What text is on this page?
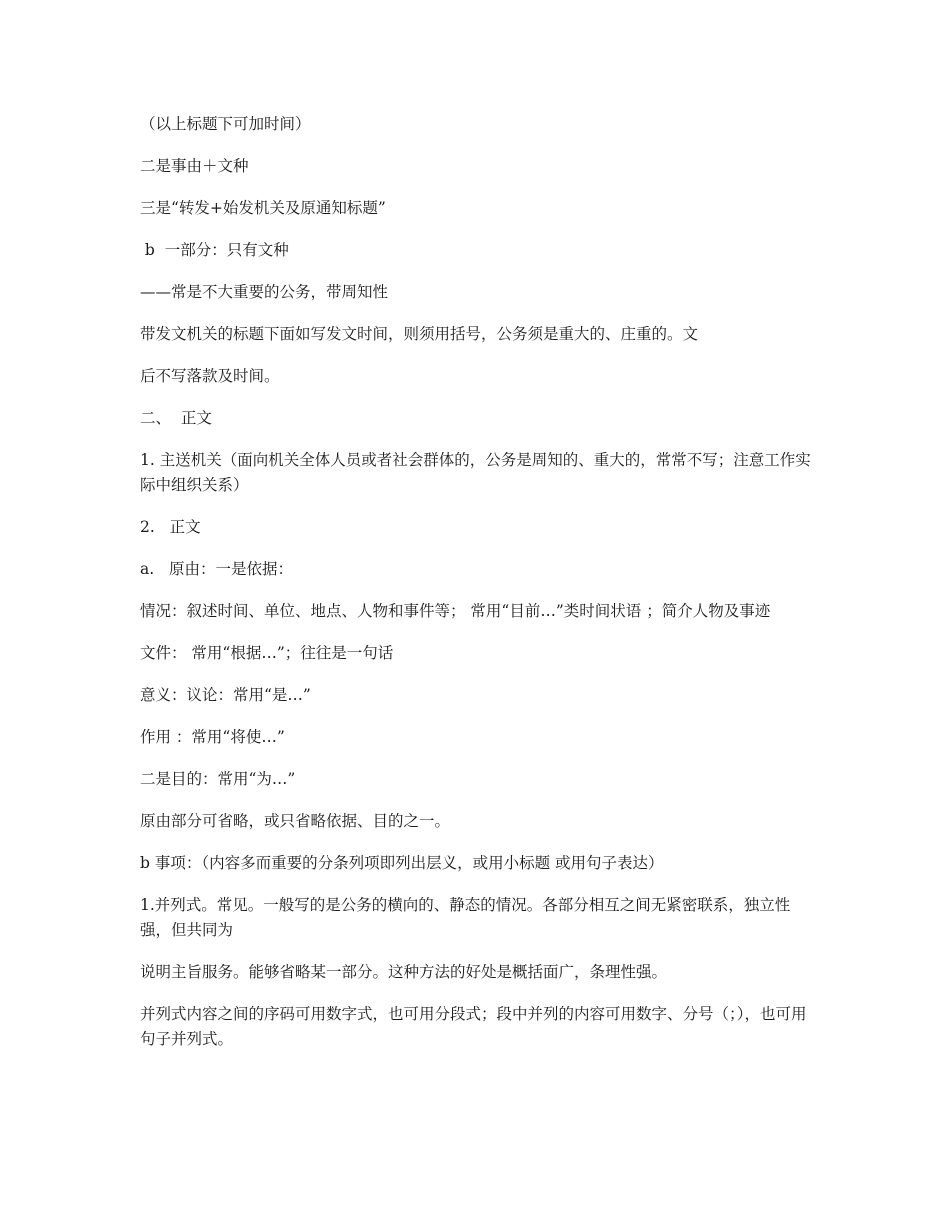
（以上标题下可加时间）

二是事由＋文种

三是“转发+始发机关及原通知标题”

b  一部分：只有文种

——常是不大重要的公务，带周知性

带发文机关的标题下面如写发文时间，则须用括号，公务须是重大的、庄重的。文

后不写落款及时间。

二、  正文

1. 主送机关（面向机关全体人员或者社会群体的，公务是周知的、重大的，常常不写；注意工作实际中组织关系）

2.   正文

a.   原由：一是依据：

情况：叙述时间、单位、地点、人物和事件等； 常用“目前…”类时间状语 ；简介人物及事迹

文件： 常用“根据…”；往往是一句话

意义：议论：常用“是…”

作用 ：常用“将使…”

二是目的：常用“为…”

原由部分可省略，或只省略依据、目的之一。

b 事项：（内容多而重要的分条列项即列出层义，或用小标题 或用句子表达）

1.并列式。常见。一般写的是公务的横向的、静态的情况。各部分相互之间无紧密联系，独立性强，但共同为

说明主旨服务。能够省略某一部分。这种方法的好处是概括面广，条理性强。

并列式内容之间的序码可用数字式，也可用分段式；段中并列的内容可用数字、分号（；），也可用句子并列式。
